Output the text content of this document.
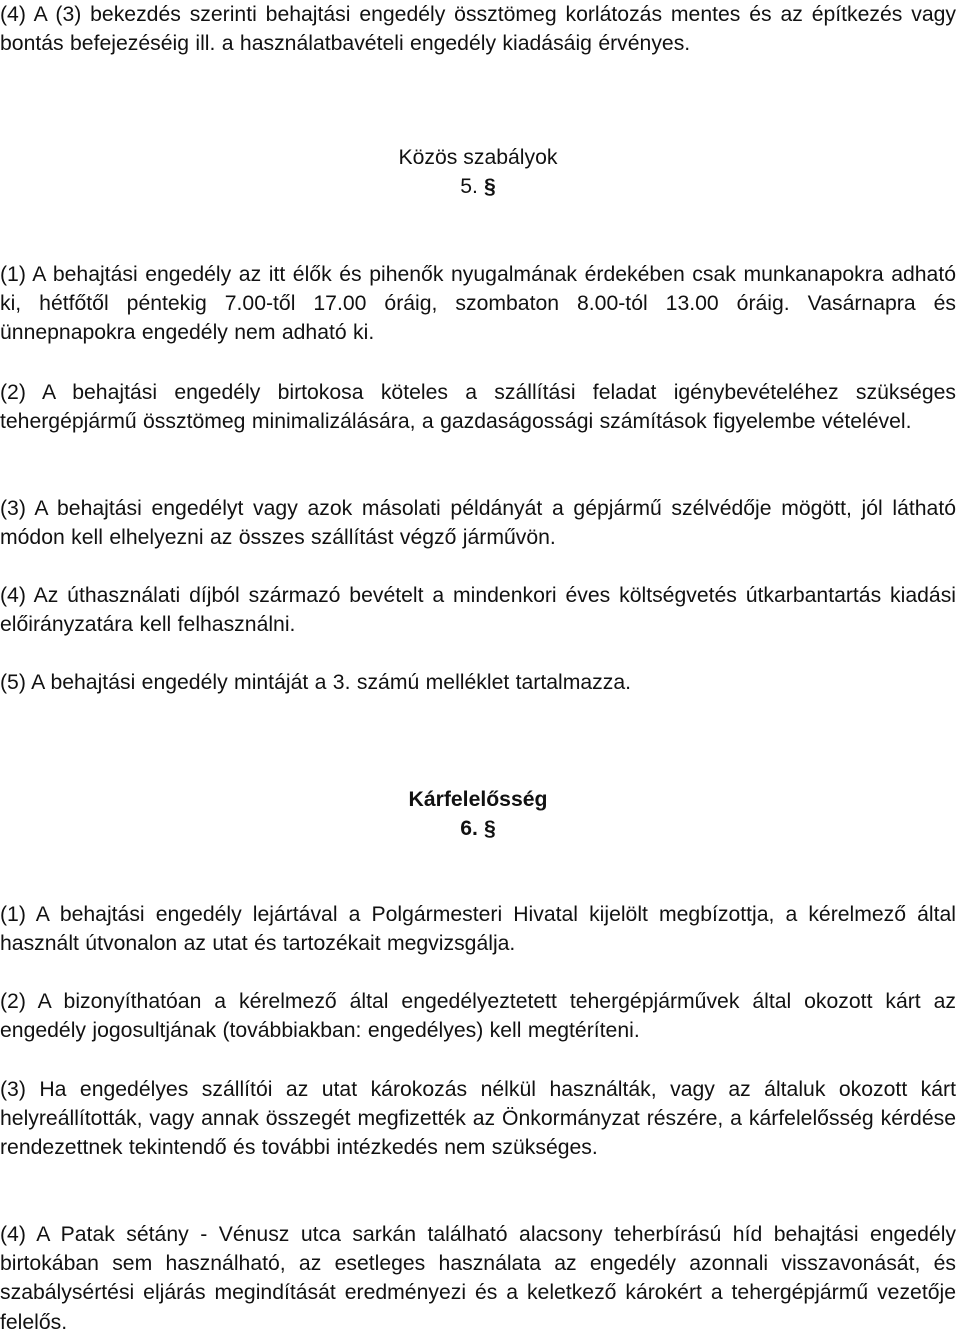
(4) A (3) bekezdés szerinti behajtási engedély össztömeg korlátozás mentes és az építkezés vagy bontás befejezéséig ill. a használatbavételi engedély kiadásáig érvényes.

Közös szabályok
5. §

(1) A behajtási engedély az itt élők és pihenők nyugalmának érdekében csak munkanapokra adható ki, hétfőtől péntekig 7.00-től 17.00 óráig, szombaton 8.00-tól 13.00 óráig. Vasárnapra és ünnepnapokra engedély nem adható ki.

(2) A behajtási engedély birtokosa köteles a szállítási feladat igénybevételéhez szükséges tehergépjármű össztömeg minimalizálására, a gazdaságossági számítások figyelembe vételével.

(3) A behajtási engedélyt vagy azok másolati példányát a gépjármű szélvédője mögött, jól látható módon kell elhelyezni az összes szállítást végző járművön.

(4) Az úthasználati díjból származó bevételt a mindenkori éves költségvetés útkarbantartás kiadási előirányzatára kell felhasználni.

(5) A behajtási engedély mintáját a 3. számú melléklet tartalmazza.

Kárfelelősség
6. §

(1) A behajtási engedély lejártával a Polgármesteri Hivatal kijelölt megbízottja, a kérelmező által használt útvonalon az utat és tartozékait megvizsgálja.

(2) A bizonyíthatóan a kérelmező által engedélyeztetett tehergépjárművek által okozott kárt az engedély jogosultjának (továbbiakban: engedélyes) kell megtéríteni.

(3) Ha engedélyes szállítói az utat károkozás nélkül használták, vagy az általuk okozott kárt helyreállították, vagy annak összegét megfizették az Önkormányzat részére, a kárfelelősség kérdése rendezettnek tekintendő és további intézkedés nem szükséges.

(4) A Patak sétány - Vénusz utca sarkán található alacsony teherbírású híd behajtási engedély birtokában sem használható, az esetleges használata az engedély azonnali visszavonását, és szabálysértési eljárás megindítását eredményezi és a keletkező károkért a tehergépjármű vezetője felelős.
